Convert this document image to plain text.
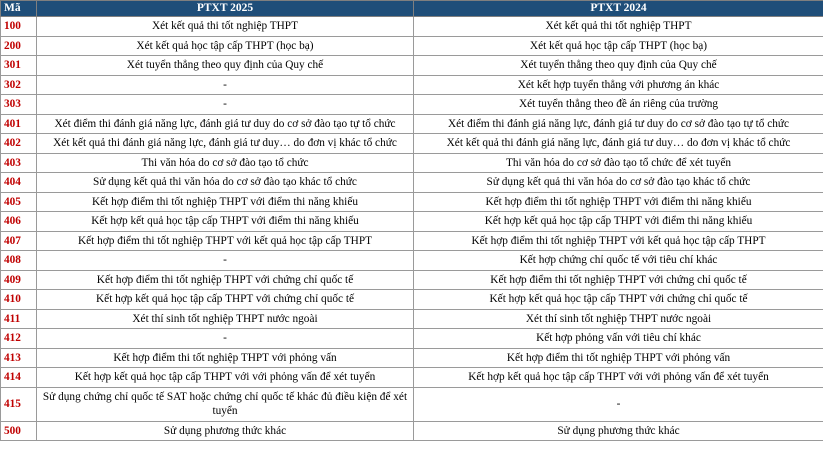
Mã	PTXT 2025	PTXT 2024
100	Xét kết quả thi tốt nghiệp THPT	Xét kết quả thi tốt nghiệp THPT
200	Xét kết quả học tập cấp THPT (học bạ)	Xét kết quả học tập cấp THPT (học bạ)
301	Xét tuyển thẳng theo quy định của Quy chế	Xét tuyển thẳng theo quy định của Quy chế
302	-	Xét kết hợp tuyển thẳng với phương án khác
303	-	Xét tuyển thẳng theo đề án riêng của trường
401	Xét điểm thi đánh giá năng lực, đánh giá tư duy do cơ sở đào tạo tự tổ chức	Xét điểm thi đánh giá năng lực, đánh giá tư duy do cơ sở đào tạo tự tổ chức
402	Xét kết quả thi đánh giá năng lực, đánh giá tư duy… do đơn vị khác tổ chức	Xét kết quả thi đánh giá năng lực, đánh giá tư duy… do đơn vị khác tổ chức
403	Thi văn hóa do cơ sở đào tạo tổ chức	Thi văn hóa do cơ sở đào tạo tổ chức để xét tuyển
404	Sử dụng kết quả thi văn hóa do cơ sở đào tạo khác tổ chức	Sử dụng kết quả thi văn hóa do cơ sở đào tạo khác tổ chức
405	Kết hợp điểm thi tốt nghiệp THPT với điểm thi năng khiếu	Kết hợp điểm thi tốt nghiệp THPT với điểm thi năng khiếu
406	Kết hợp kết quả học tập cấp THPT với điểm thi năng khiếu	Kết hợp kết quả học tập cấp THPT với điểm thi năng khiếu
407	Kết hợp điểm thi tốt nghiệp THPT với kết quả học tập cấp THPT	Kết hợp điểm thi tốt nghiệp THPT với kết quả học tập cấp THPT
408	-	Kết hợp chứng chỉ quốc tế với tiêu chí khác
409	Kết hợp điểm thi tốt nghiệp THPT với chứng chỉ quốc tế	Kết hợp điểm thi tốt nghiệp THPT với chứng chỉ quốc tế
410	Kết hợp kết quả học tập cấp THPT với chứng chỉ quốc tế	Kết hợp kết quả học tập cấp THPT với chứng chỉ quốc tế
411	Xét thí sinh tốt nghiệp THPT nước ngoài	Xét thí sinh tốt nghiệp THPT nước ngoài
412	-	Kết hợp phỏng vấn với tiêu chí khác
413	Kết hợp điểm thi tốt nghiệp THPT với phỏng vấn	Kết hợp điểm thi tốt nghiệp THPT với phỏng vấn
414	Kết hợp kết quả học tập cấp THPT với với phỏng vấn để xét tuyển	Kết hợp kết quả học tập cấp THPT với với phỏng vấn để xét tuyển
415	Sử dụng chứng chỉ quốc tế SAT hoặc chứng chỉ quốc tế khác đủ điều kiện để xét tuyển	-
500	Sử dụng phương thức khác	Sử dụng phương thức khác
